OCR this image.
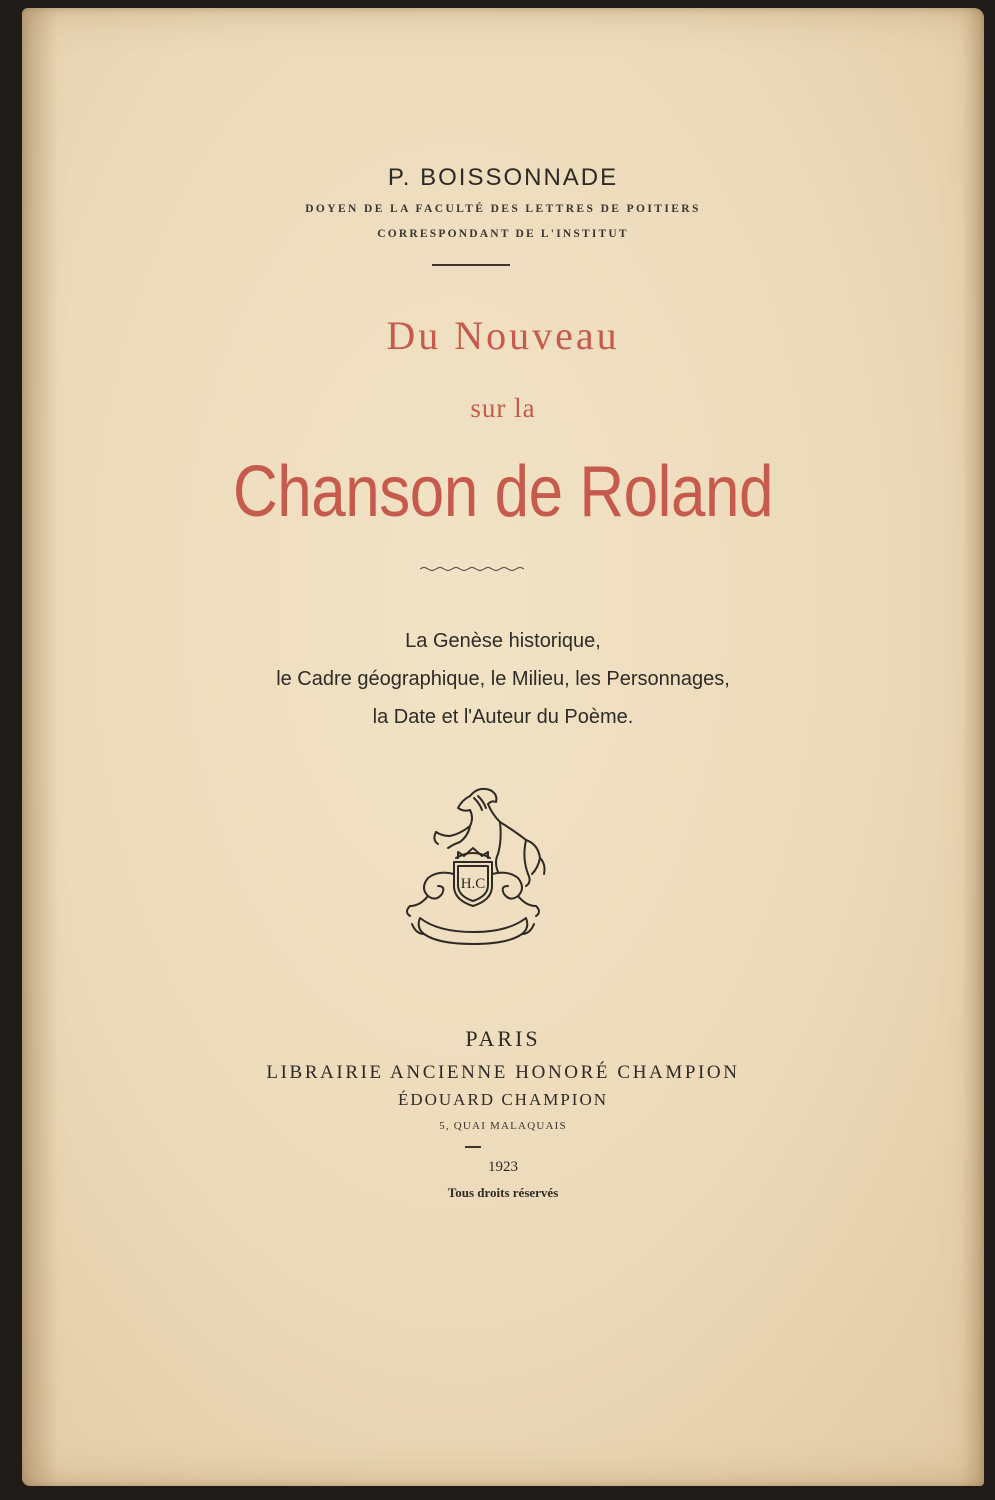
P. BOISSONNADE

DOYEN DE LA FACULTÉ DES LETTRES DE POITIERS

CORRESPONDANT DE L'INSTITUT

Du Nouveau

sur la

Chanson de Roland

La Genèse historique,

le Cadre géographique, le Milieu, les Personnages,

la Date et l'Auteur du Poème.

H.C

PARIS

LIBRAIRIE ANCIENNE HONORÉ CHAMPION

ÉDOUARD CHAMPION

5, QUAI MALAQUAIS

1923

Tous droits réservés
